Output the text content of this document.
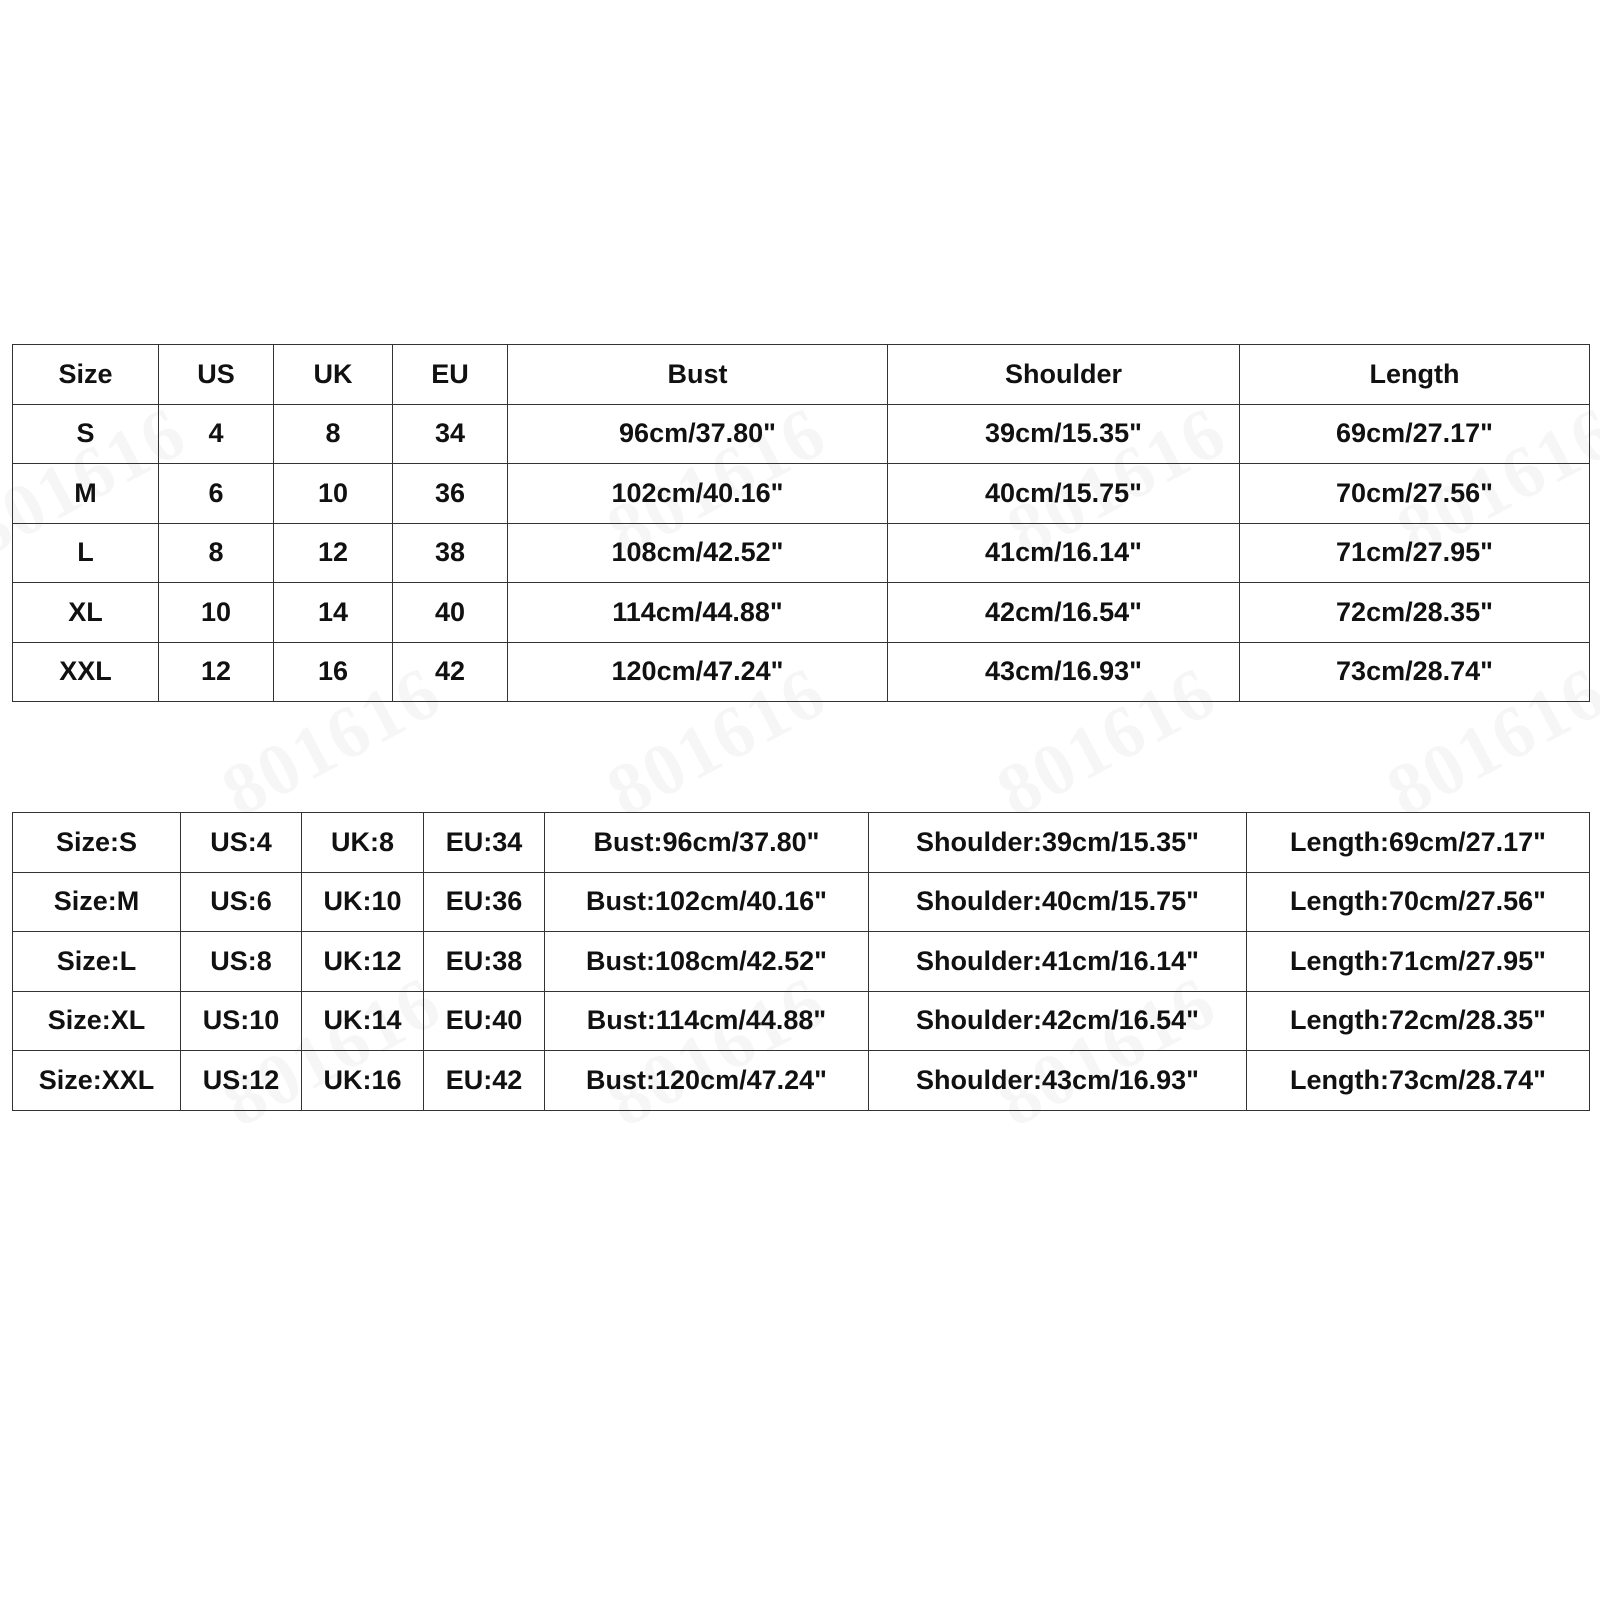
Size	US	UK	EU	Bust	Shoulder	Length
S	4	8	34	96cm/37.80"	39cm/15.35"	69cm/27.17"
M	6	10	36	102cm/40.16"	40cm/15.75"	70cm/27.56"
L	8	12	38	108cm/42.52"	41cm/16.14"	71cm/27.95"
XL	10	14	40	114cm/44.88"	42cm/16.54"	72cm/28.35"
XXL	12	16	42	120cm/47.24"	43cm/16.93"	73cm/28.74"
Size:S	US:4	UK:8	EU:34	Bust:96cm/37.80"	Shoulder:39cm/15.35"	Length:69cm/27.17"
Size:M	US:6	UK:10	EU:36	Bust:102cm/40.16"	Shoulder:40cm/15.75"	Length:70cm/27.56"
Size:L	US:8	UK:12	EU:38	Bust:108cm/42.52"	Shoulder:41cm/16.14"	Length:71cm/27.95"
Size:XL	US:10	UK:14	EU:40	Bust:114cm/44.88"	Shoulder:42cm/16.54"	Length:72cm/28.35"
Size:XXL	US:12	UK:16	EU:42	Bust:120cm/47.24"	Shoulder:43cm/16.93"	Length:73cm/28.74"
